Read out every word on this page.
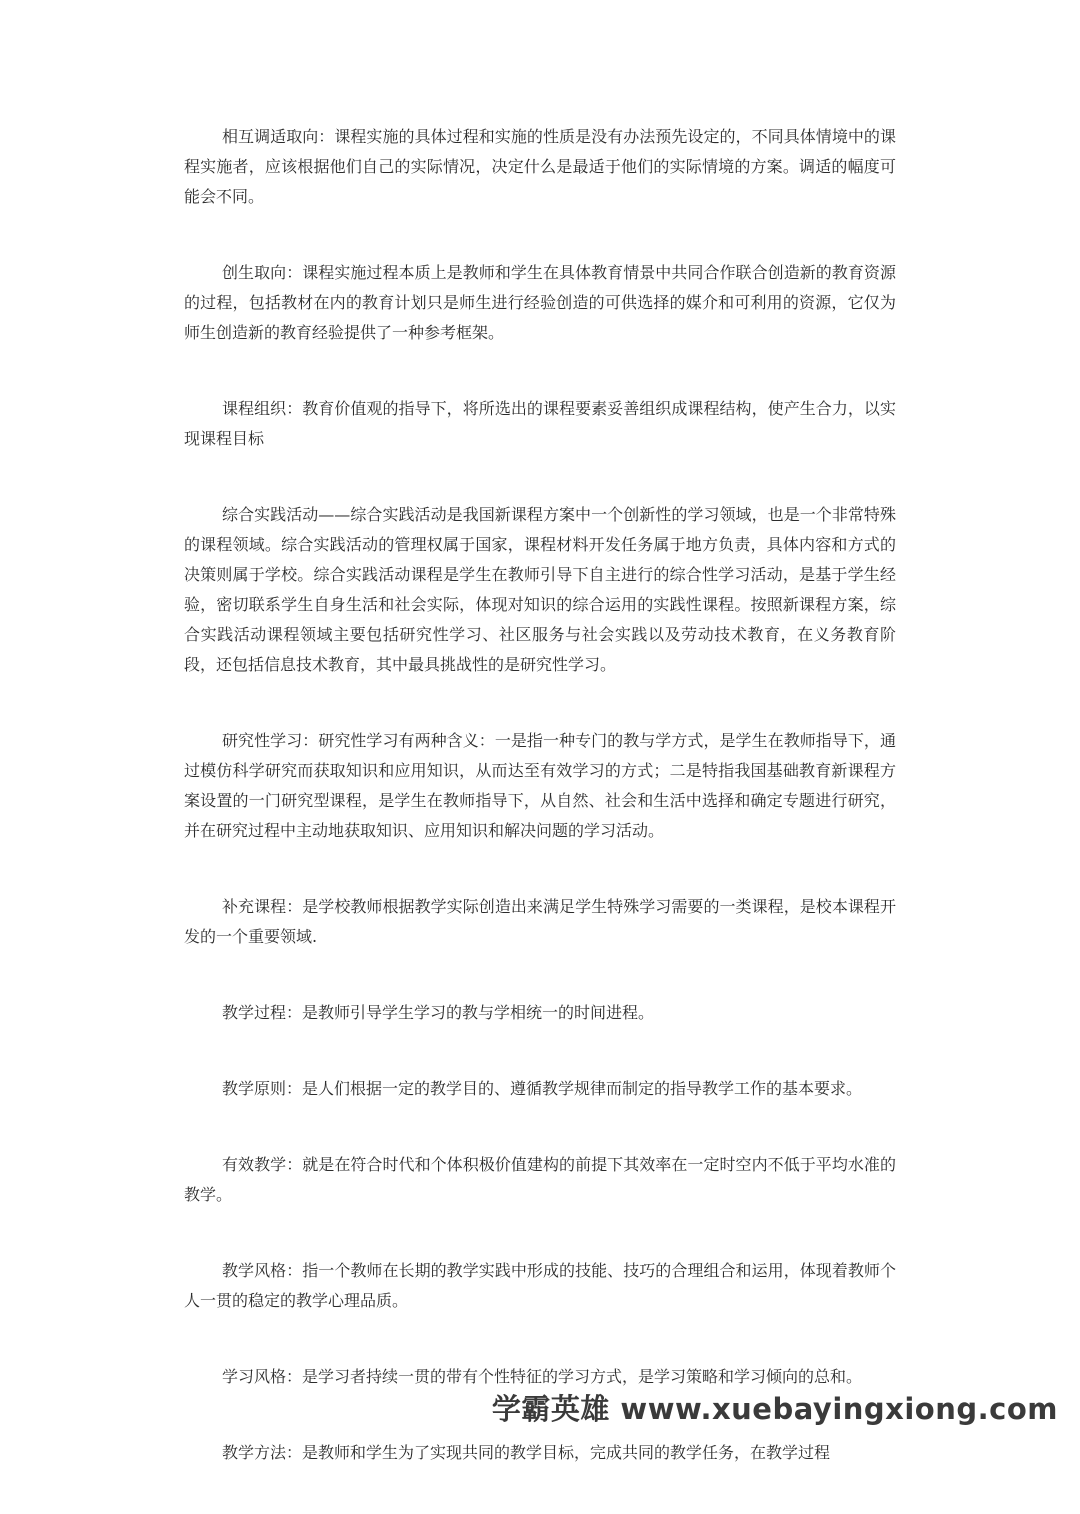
相互调适取向：课程实施的具体过程和实施的性质是没有办法预先设定的，不同具体情境中的课程实施者，应该根据他们自己的实际情况，决定什么是最适于他们的实际情境的方案。调适的幅度可能会不同。

创生取向：课程实施过程本质上是教师和学生在具体教育情景中共同合作联合创造新的教育资源的过程，包括教材在内的教育计划只是师生进行经验创造的可供选择的媒介和可利用的资源，它仅为师生创造新的教育经验提供了一种参考框架。

课程组织：教育价值观的指导下，将所选出的课程要素妥善组织成课程结构，使产生合力，以实现课程目标

综合实践活动——综合实践活动是我国新课程方案中一个创新性的学习领域，也是一个非常特殊的课程领域。综合实践活动的管理权属于国家，课程材料开发任务属于地方负责，具体内容和方式的决策则属于学校。综合实践活动课程是学生在教师引导下自主进行的综合性学习活动，是基于学生经验，密切联系学生自身生活和社会实际，体现对知识的综合运用的实践性课程。按照新课程方案，综合实践活动课程领域主要包括研究性学习、社区服务与社会实践以及劳动技术教育，在义务教育阶段，还包括信息技术教育，其中最具挑战性的是研究性学习。

研究性学习：研究性学习有两种含义：一是指一种专门的教与学方式，是学生在教师指导下，通过模仿科学研究而获取知识和应用知识，从而达至有效学习的方式；二是特指我国基础教育新课程方案设置的一门研究型课程，是学生在教师指导下，从自然、社会和生活中选择和确定专题进行研究，并在研究过程中主动地获取知识、应用知识和解决问题的学习活动。

补充课程：是学校教师根据教学实际创造出来满足学生特殊学习需要的一类课程，是校本课程开发的一个重要领域.

教学过程：是教师引导学生学习的教与学相统一的时间进程。

教学原则：是人们根据一定的教学目的、遵循教学规律而制定的指导教学工作的基本要求。

有效教学：就是在符合时代和个体积极价值建构的前提下其效率在一定时空内不低于平均水准的教学。

教学风格：指一个教师在长期的教学实践中形成的技能、技巧的合理组合和运用，体现着教师个人一贯的稳定的教学心理品质。

学习风格：是学习者持续一贯的带有个性特征的学习方式，是学习策略和学习倾向的总和。

教学方法：是教师和学生为了实现共同的教学目标，完成共同的教学任务，在教学过程

学霸英雄 www.xuebayingxiong.com
